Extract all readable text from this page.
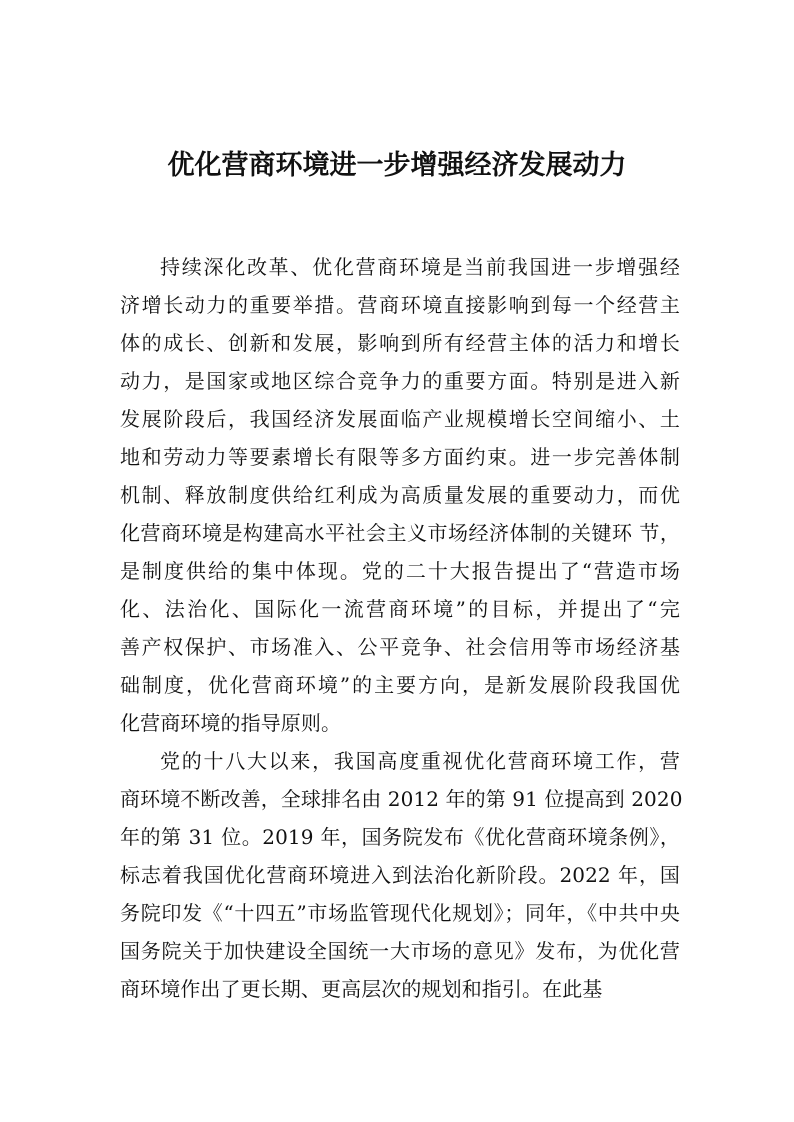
优化营商环境进一步增强经济发展动力
持续深化改革、优化营商环境是当前我国进一步增强经
济增长动力的重要举措。营商环境直接影响到每一个经营主
体的成长、创新和发展，影响到所有经营主体的活力和增长
动力，是国家或地区综合竞争力的重要方面。特别是进入新
发展阶段后，我国经济发展面临产业规模增长空间缩小、土
地和劳动力等要素增长有限等多方面约束。进一步完善体制
机制、释放制度供给红利成为高质量发展的重要动力，而优
化营商环境是构建高水平社会主义市场经济体制的关键环 节，
是制度供给的集中体现。党的二十大报告提出了“营造市场
化、法治化、国际化一流营商环境”的目标，并提出了“完
善产权保护、市场准入、公平竞争、社会信用等市场经济基
础制度，优化营商环境”的主要方向，是新发展阶段我国优
化营商环境的指导原则。
党的十八大以来，我国高度重视优化营商环境工作，营
商环境不断改善，全球排名由 2012 年的第 91 位提高到 2020
年的第 31 位。2019 年，国务院发布《优化营商环境条例》，
标志着我国优化营商环境进入到法治化新阶段。2022 年，国
务院印发《“十四五”市场监管现代化规划》；同年，《中共中央
国务院关于加快建设全国统一大市场的意见》发布，为优化营
商环境作出了更长期、更高层次的规划和指引。在此基
